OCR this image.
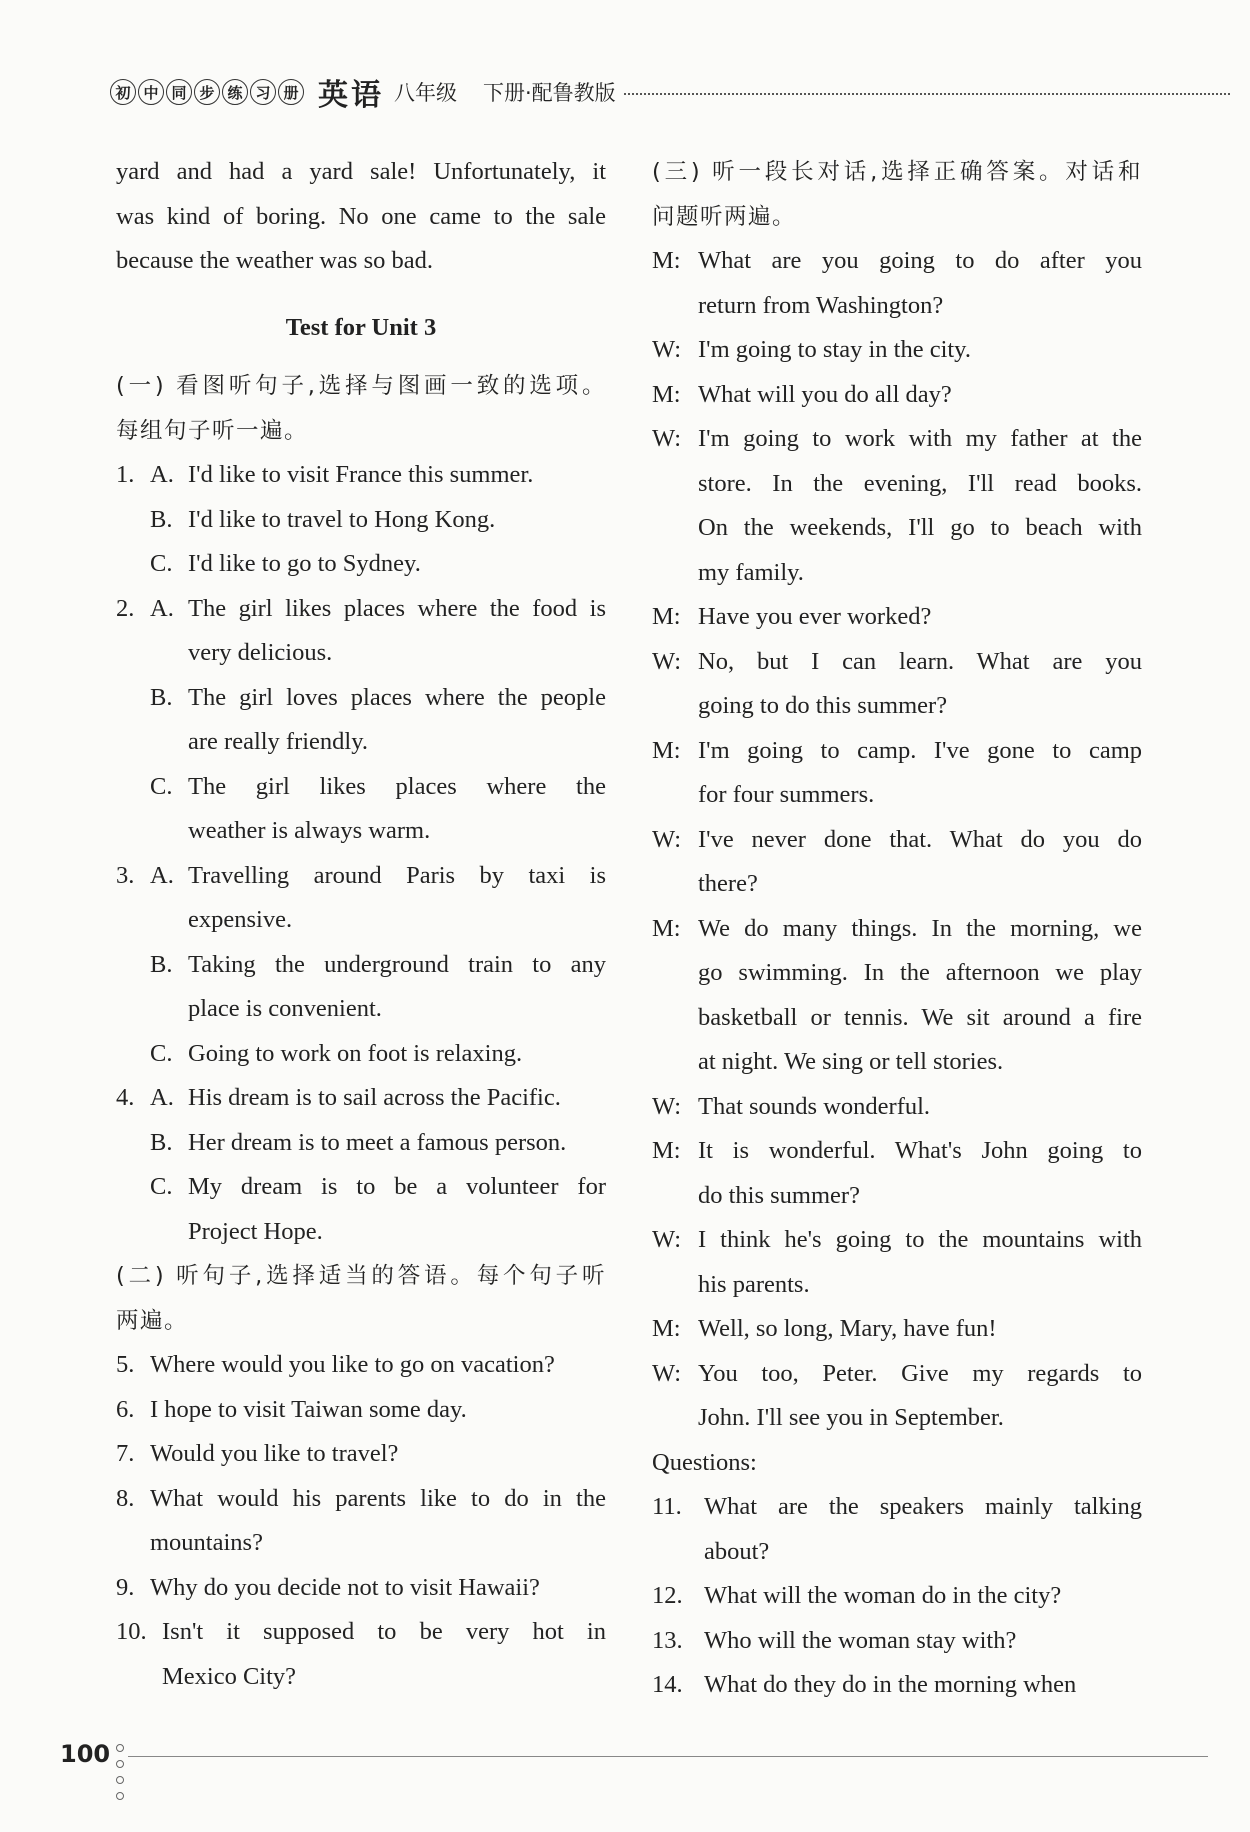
初 中 同 步 练 习 册 英语 八年级 下册·配鲁教版

yard and had a yard sale! Unfortunately, it

was kind of boring. No one came to the sale

because the weather was so bad.

Test for Unit 3

(一) 看图听句子,选择与图画一致的选项。

每组句子听一遍。

1. A. I'd like to visit France this summer.
B. I'd like to travel to Hong Kong.
C. I'd like to go to Sydney.
2. A. The girl likes places where the food is
very delicious.
B. The girl loves places where the people
are really friendly.
C. The girl likes places where the
weather is always warm.
3. A. Travelling around Paris by taxi is
expensive.
B. Taking the underground train to any
place is convenient.
C. Going to work on foot is relaxing.
4. A. His dream is to sail across the Pacific.
B. Her dream is to meet a famous person.
C. My dream is to be a volunteer for
Project Hope.

(二) 听句子,选择适当的答语。每个句子听

两遍。

5. Where would you like to go on vacation?
6. I hope to visit Taiwan some day.
7. Would you like to travel?
8. What would his parents like to do in the
mountains?
9. Why do you decide not to visit Hawaii?
10. Isn't it supposed to be very hot in
Mexico City?

(三) 听一段长对话,选择正确答案。对话和

问题听两遍。

M: What are you going to do after you
return from Washington?
W: I'm going to stay in the city.
M: What will you do all day?
W: I'm going to work with my father at the
store. In the evening, I'll read books.
On the weekends, I'll go to beach with
my family.
M: Have you ever worked?
W: No, but I can learn. What are you
going to do this summer?
M: I'm going to camp. I've gone to camp
for four summers.
W: I've never done that. What do you do
there?
M: We do many things. In the morning, we
go swimming. In the afternoon we play
basketball or tennis. We sit around a fire
at night. We sing or tell stories.
W: That sounds wonderful.
M: It is wonderful. What's John going to
do this summer?
W: I think he's going to the mountains with
his parents.
M: Well, so long, Mary, have fun!
W: You too, Peter. Give my regards to
John. I'll see you in September.

Questions:

11. What are the speakers mainly talking
about?
12. What will the woman do in the city?
13. Who will the woman stay with?
14. What do they do in the morning when
100
